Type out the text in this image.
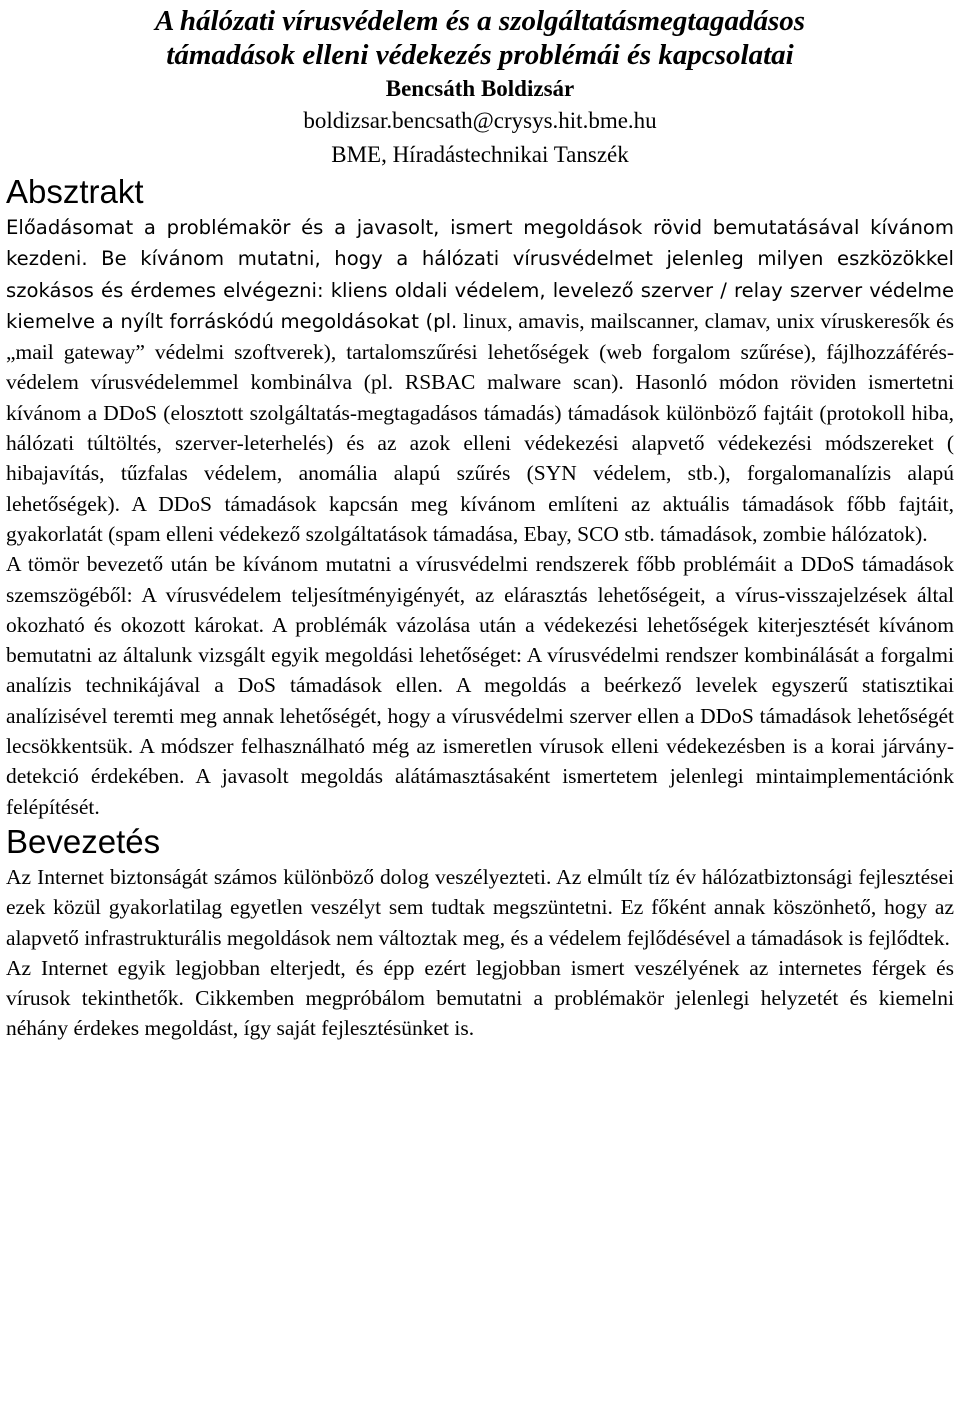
A hálózati vírusvédelem és a szolgáltatásmegtagadásos
támadások elleni védekezés problémái és kapcsolatai
Bencsáth Boldizsár
boldizsar.bencsath@crysys.hit.bme.hu
BME, Híradástechnikai Tanszék
Absztrakt

Előadásomat a problémakör és a javasolt, ismert megoldások rövid bemutatásával kívánom kezdeni. Be kívánom mutatni, hogy a hálózati vírusvédelmet jelenleg milyen eszközökkel szokásos és érdemes elvégezni: kliens oldali védelem, levelező szerver / relay szerver védelme kiemelve a nyílt forráskódú megoldásokat (pl. linux, amavis, mailscanner, clamav, unix víruskeresők és „mail gateway” védelmi szoftverek), tartalomszűrési lehetőségek (web forgalom szűrése), fájlhozzáférés-védelem vírusvédelemmel kombinálva (pl. RSBAC malware scan). Hasonló módon röviden ismertetni kívánom a DDoS (elosztott szolgáltatás-megtagadásos támadás) támadások különböző fajtáit (protokoll hiba, hálózati túltöltés, szerver-leterhelés) és az azok elleni védekezési alapvető védekezési módszereket ( hibajavítás, tűzfalas védelem, anomália alapú szűrés (SYN védelem, stb.), forgalomanalízis alapú lehetőségek). A DDoS támadások kapcsán meg kívánom említeni az aktuális támadások főbb fajtáit, gyakorlatát (spam elleni védekező szolgáltatások támadása, Ebay, SCO stb. támadások, zombie hálózatok).

A tömör bevezető után be kívánom mutatni a vírusvédelmi rendszerek főbb problémáit a DDoS támadások szemszögéből: A vírusvédelem teljesítményigényét, az elárasztás lehetőségeit, a vírus-visszajelzések által okozható és okozott károkat. A problémák vázolása után a védekezési lehetőségek kiterjesztését kívánom bemutatni az általunk vizsgált egyik megoldási lehetőséget: A vírusvédelmi rendszer kombinálását a forgalmi analízis technikájával a DoS támadások ellen. A megoldás a beérkező levelek egyszerű statisztikai analízisével teremti meg annak lehetőségét, hogy a vírusvédelmi szerver ellen a DDoS támadások lehetőségét lecsökkentsük. A módszer felhasználható még az ismeretlen vírusok elleni védekezésben is a korai járvány-detekció érdekében. A javasolt megoldás alátámasztásaként ismertetem jelenlegi mintaimplementációnk felépítését.

Bevezetés

Az Internet biztonságát számos különböző dolog veszélyezteti. Az elmúlt tíz év hálózatbiztonsági fejlesztései ezek közül gyakorlatilag egyetlen veszélyt sem tudtak megszüntetni. Ez főként annak köszönhető, hogy az alapvető infrastrukturális megoldások nem változtak meg, és a védelem fejlődésével a támadások is fejlődtek.

Az Internet egyik legjobban elterjedt, és épp ezért legjobban ismert veszélyének az internetes férgek és vírusok tekinthetők. Cikkemben megpróbálom bemutatni a problémakör jelenlegi helyzetét és kiemelni néhány érdekes megoldást, így saját fejlesztésünket is.
